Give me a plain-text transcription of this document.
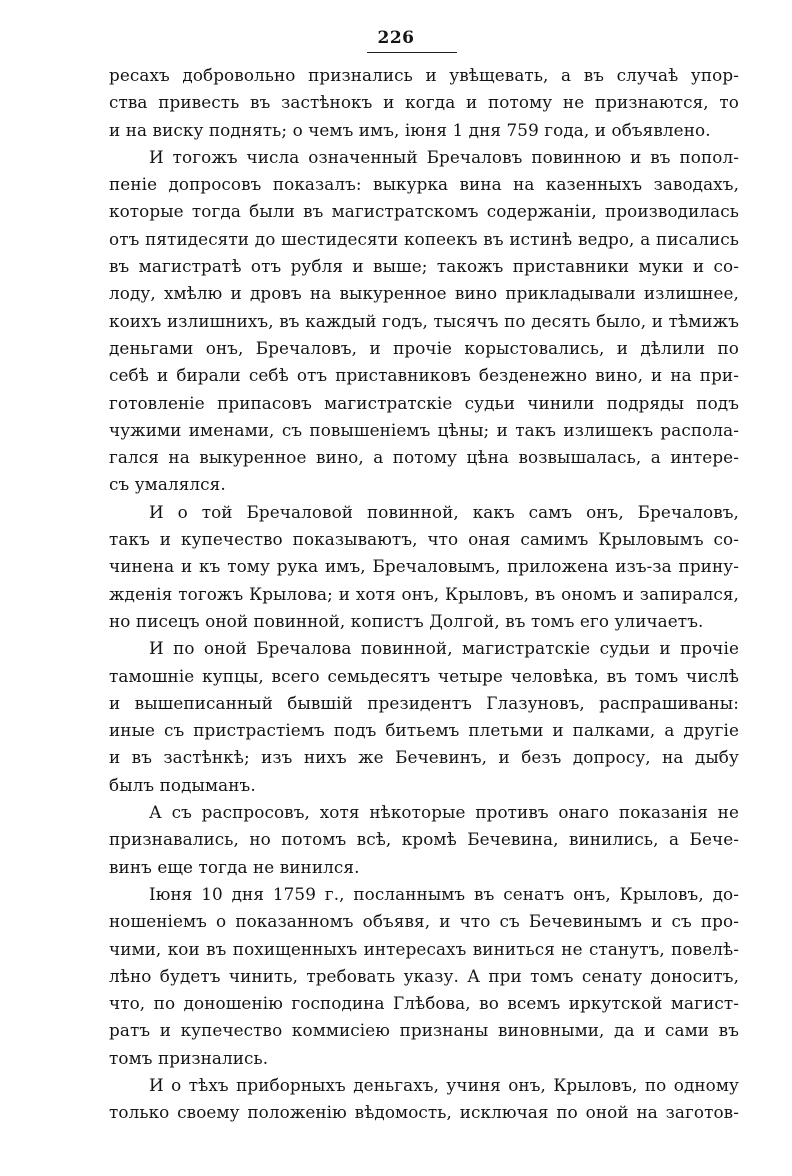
226
ресахъ добровольно признались и увѣщевать, а въ случаѣ упор-
ства привесть въ застѣнокъ и когда и потому не признаются, то
и на виску поднять; о чемъ имъ, іюня 1 дня 759 года, и объявлено.
И тогожъ числа означенный Бречаловъ повинною и въ попол-
пеніе допросовъ показалъ: выкурка вина на казенныхъ заводахъ,
которые тогда были въ магистратскомъ содержаніи, производилась
отъ пятидесяти до шестидесяти копеекъ въ истинѣ ведро, а писались
въ магистратѣ отъ рубля и выше; такожъ приставники муки и со-
лоду, хмѣлю и дровъ на выкуренное вино прикладывали излишнее,
коихъ излишнихъ, въ каждый годъ, тысячъ по десять было, и тѣмижъ
деньгами онъ, Бречаловъ, и прочіе корыстовались, и дѣлили по
себѣ и бирали себѣ отъ приставниковъ безденежно вино, и на при-
готовленіе припасовъ магистратскіе судьи чинили подряды подъ
чужими именами, съ повышеніемъ цѣны; и такъ излишекъ распола-
гался на выкуренное вино, а потому цѣна возвышалась, а интере-
съ умалялся.
И о той Бречаловой повинной, какъ самъ онъ, Бречаловъ,
такъ и купечество показываютъ, что оная самимъ Крыловымъ со-
чинена и къ тому рука имъ, Бречаловымъ, приложена изъ-за прину-
жденія тогожъ Крылова; и хотя онъ, Крыловъ, въ ономъ и запирался,
но писецъ оной повинной, копистъ Долгой, въ томъ его уличаетъ.
И по оной Бречалова повинной, магистратскіе судьи и прочіе
тамошніе купцы, всего семьдесятъ четыре человѣка, въ томъ числѣ
и вышеписанный бывшій президентъ Глазуновъ, распрашиваны:
иные съ пристрастіемъ подъ битьемъ плетьми и палками, а другіе
и въ застѣнкѣ; изъ нихъ же Бечевинъ, и безъ допросу, на дыбу
былъ подыманъ.
А съ распросовъ, хотя нѣкоторые противъ онаго показанія не
признавались, но потомъ всѣ, кромѣ Бечевина, винились, а Бече-
винъ еще тогда не винился.
Іюня 10 дня 1759 г., посланнымъ въ сенатъ онъ, Крыловъ, до-
ношеніемъ о показанномъ объявя, и что съ Бечевинымъ и съ про-
чими, кои въ похищенныхъ интересахъ виниться не станутъ, повелѣ-
лѣно будетъ чинить, требовать указу. А при томъ сенату доноситъ,
что, по доношенію господина Глѣбова, во всемъ иркутской магист-
ратъ и купечество коммисіею признаны виновными, да и сами въ
томъ признались.
И о тѣхъ приборныхъ деньгахъ, учиня онъ, Крыловъ, по одному
только своему положенію вѣдомость, исключая по оной на заготов-
